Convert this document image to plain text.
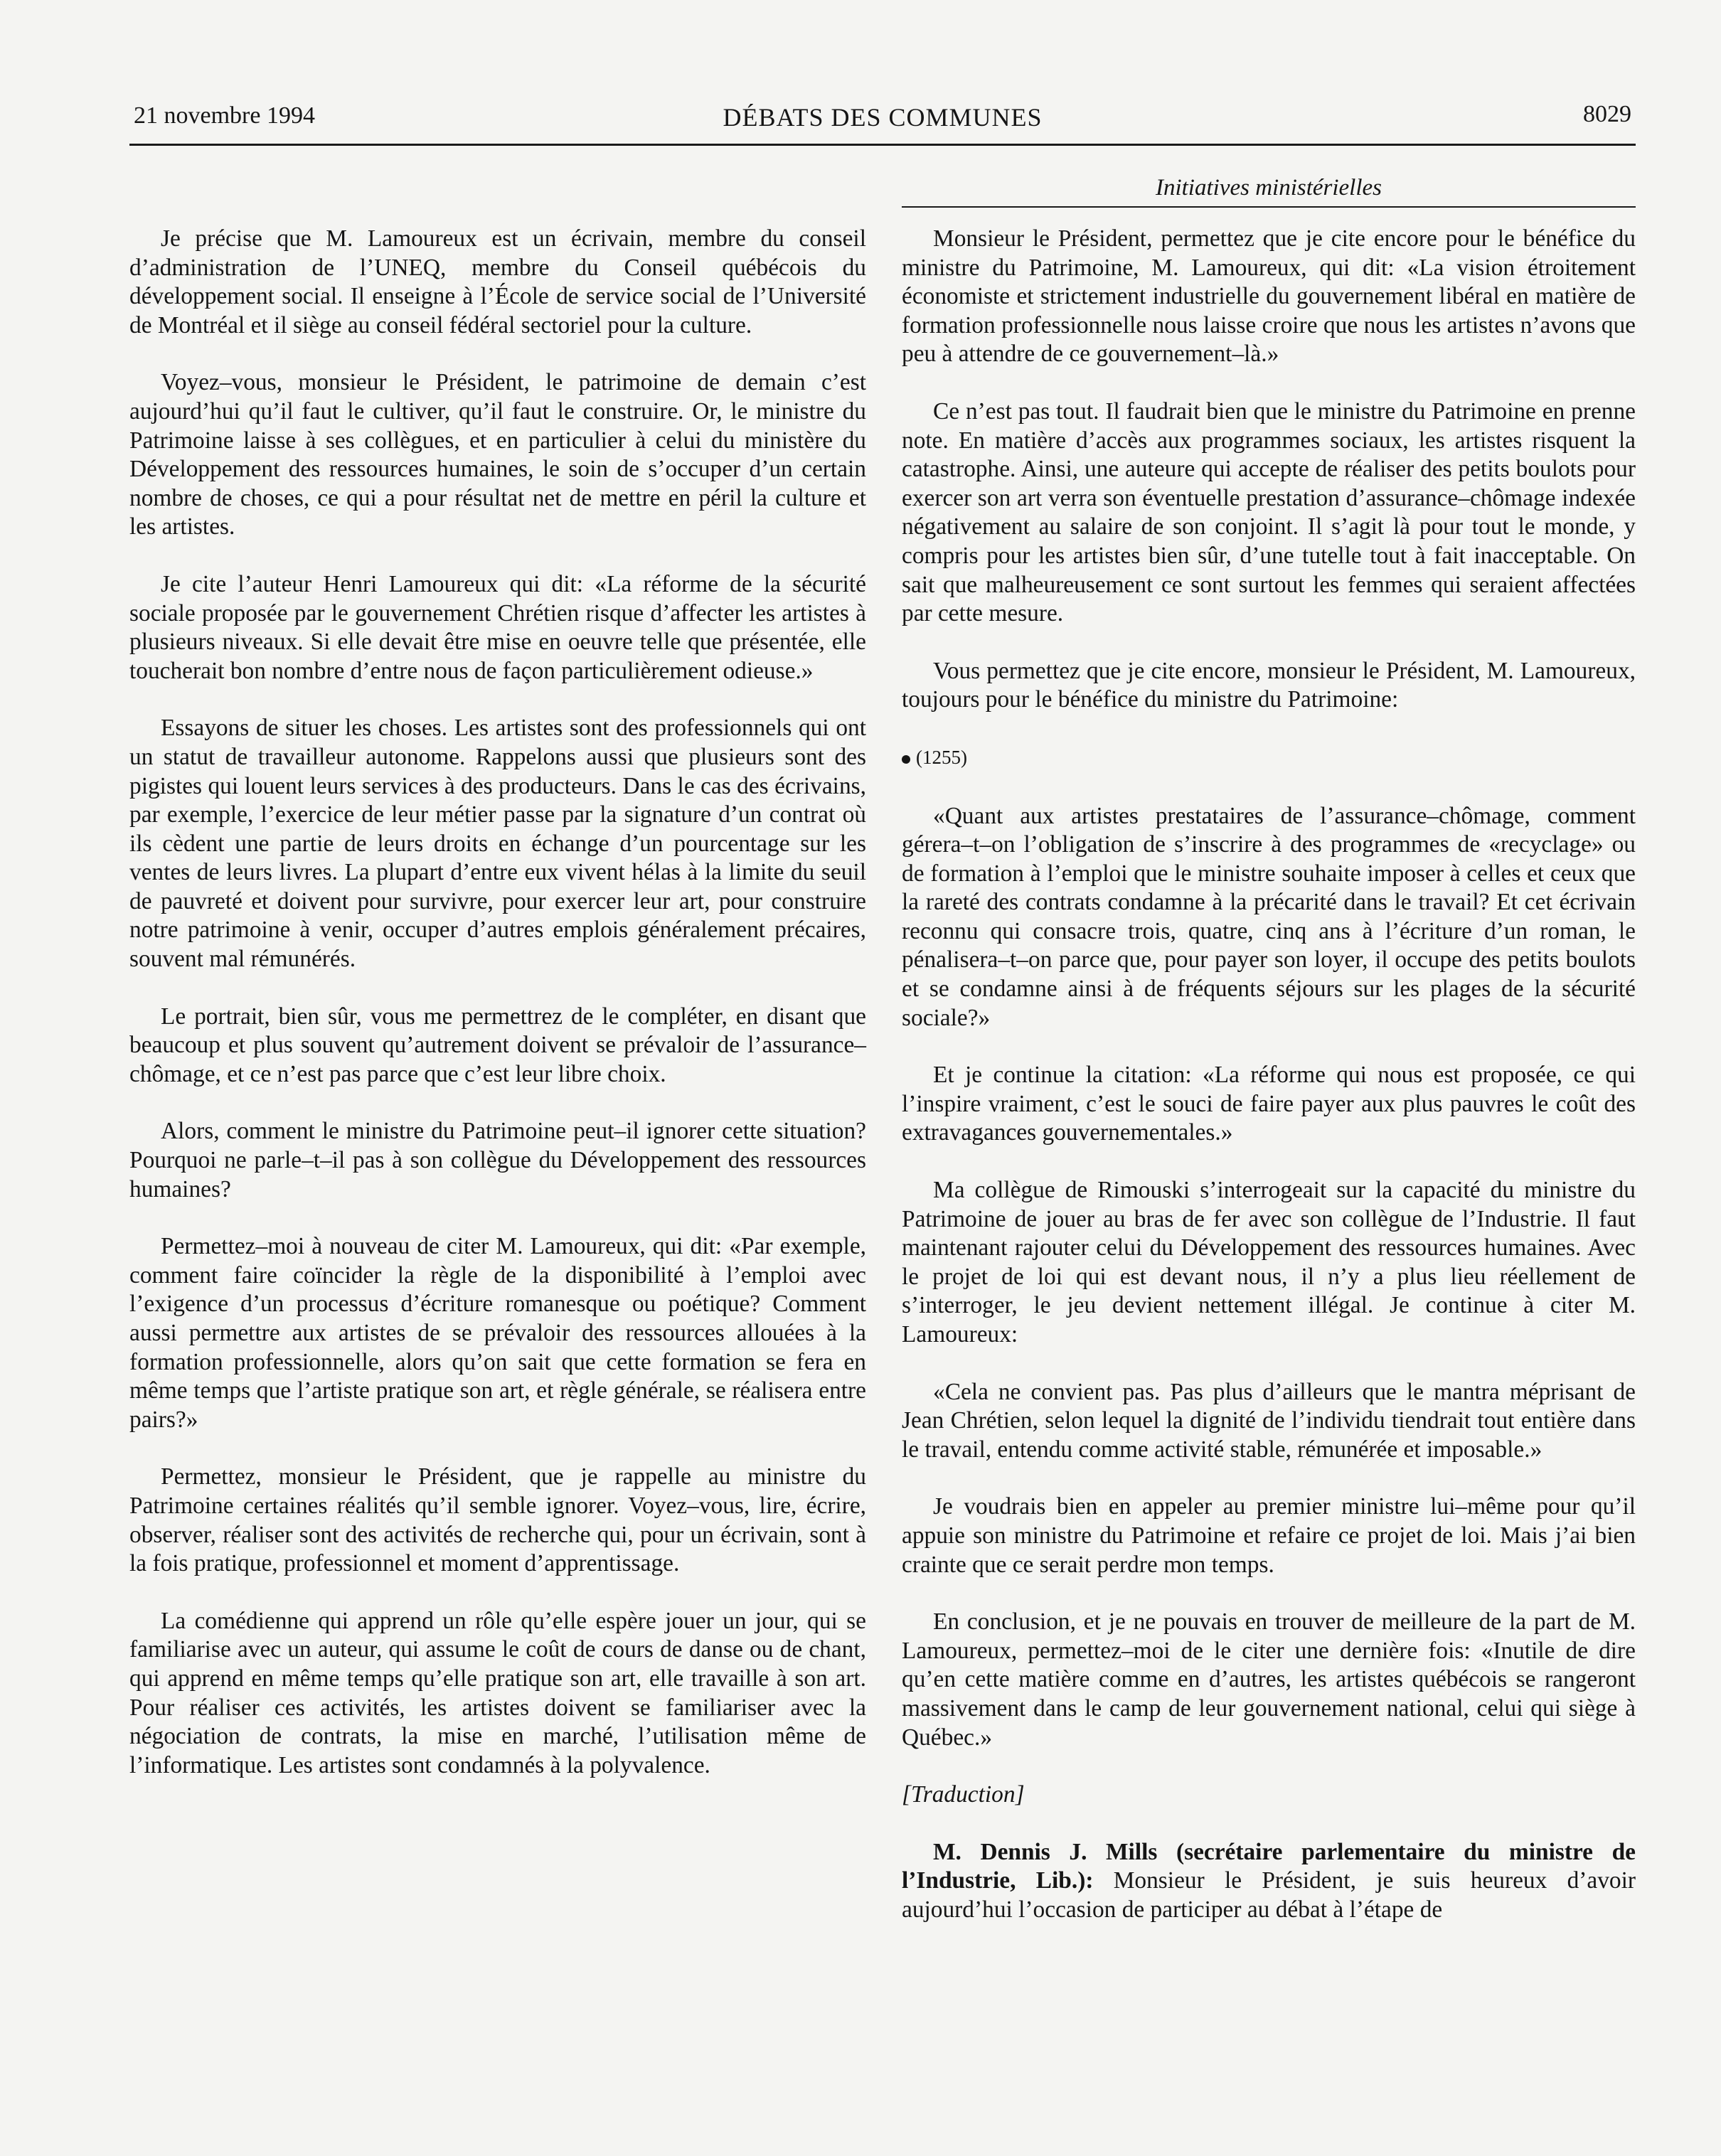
21 novembre 1994	DÉBATS DES COMMUNES	8029
Initiatives ministérielles

Je précise que M. Lamoureux est un écrivain, membre du conseil d’administration de l’UNEQ, membre du Conseil québécois du développement social. Il enseigne à l’École de service social de l’Université de Montréal et il siège au conseil fédéral sectoriel pour la culture.

Voyez–vous, monsieur le Président, le patrimoine de demain c’est aujourd’hui qu’il faut le cultiver, qu’il faut le construire. Or, le ministre du Patrimoine laisse à ses collègues, et en particulier à celui du ministère du Développement des ressources humaines, le soin de s’occuper d’un certain nombre de choses, ce qui a pour résultat net de mettre en péril la culture et les artistes.

Je cite l’auteur Henri Lamoureux qui dit: «La réforme de la sécurité sociale proposée par le gouvernement Chrétien risque d’affecter les artistes à plusieurs niveaux. Si elle devait être mise en oeuvre telle que présentée, elle toucherait bon nombre d’entre nous de façon particulièrement odieuse.»

Essayons de situer les choses. Les artistes sont des professionnels qui ont un statut de travailleur autonome. Rappelons aussi que plusieurs sont des pigistes qui louent leurs services à des producteurs. Dans le cas des écrivains, par exemple, l’exercice de leur métier passe par la signature d’un contrat où ils cèdent une partie de leurs droits en échange d’un pourcentage sur les ventes de leurs livres. La plupart d’entre eux vivent hélas à la limite du seuil de pauvreté et doivent pour survivre, pour exercer leur art, pour construire notre patrimoine à venir, occuper d’autres emplois généralement précaires, souvent mal rémunérés.

Le portrait, bien sûr, vous me permettrez de le compléter, en disant que beaucoup et plus souvent qu’autrement doivent se prévaloir de l’assurance–chômage, et ce n’est pas parce que c’est leur libre choix.

Alors, comment le ministre du Patrimoine peut–il ignorer cette situation? Pourquoi ne parle–t–il pas à son collègue du Développement des ressources humaines?

Permettez–moi à nouveau de citer M. Lamoureux, qui dit: «Par exemple, comment faire coïncider la règle de la disponibilité à l’emploi avec l’exigence d’un processus d’écriture romanesque ou poétique? Comment aussi permettre aux artistes de se prévaloir des ressources allouées à la formation professionnelle, alors qu’on sait que cette formation se fera en même temps que l’artiste pratique son art, et règle générale, se réalisera entre pairs?»

Permettez, monsieur le Président, que je rappelle au ministre du Patrimoine certaines réalités qu’il semble ignorer. Voyez–vous, lire, écrire, observer, réaliser sont des activités de recherche qui, pour un écrivain, sont à la fois pratique, professionnel et moment d’apprentissage.

La comédienne qui apprend un rôle qu’elle espère jouer un jour, qui se familiarise avec un auteur, qui assume le coût de cours de danse ou de chant, qui apprend en même temps qu’elle pratique son art, elle travaille à son art. Pour réaliser ces activités, les artistes doivent se familiariser avec la négociation de contrats, la mise en marché, l’utilisation même de l’informatique. Les artistes sont condamnés à la polyvalence.

Monsieur le Président, permettez que je cite encore pour le bénéfice du ministre du Patrimoine, M. Lamoureux, qui dit: «La vision étroitement économiste et strictement industrielle du gouvernement libéral en matière de formation professionnelle nous laisse croire que nous les artistes n’avons que peu à attendre de ce gouvernement–là.»

Ce n’est pas tout. Il faudrait bien que le ministre du Patrimoine en prenne note. En matière d’accès aux programmes sociaux, les artistes risquent la catastrophe. Ainsi, une auteure qui accepte de réaliser des petits boulots pour exercer son art verra son éventuelle prestation d’assurance–chômage indexée négativement au salaire de son conjoint. Il s’agit là pour tout le monde, y compris pour les artistes bien sûr, d’une tutelle tout à fait inacceptable. On sait que malheureusement ce sont surtout les femmes qui seraient affectées par cette mesure.

Vous permettez que je cite encore, monsieur le Président, M. Lamoureux, toujours pour le bénéfice du ministre du Patrimoine:

(1255)

«Quant aux artistes prestataires de l’assurance–chômage, comment gérera–t–on l’obligation de s’inscrire à des programmes de «recyclage» ou de formation à l’emploi que le ministre souhaite imposer à celles et ceux que la rareté des contrats condamne à la précarité dans le travail? Et cet écrivain reconnu qui consacre trois, quatre, cinq ans à l’écriture d’un roman, le pénalisera–t–on parce que, pour payer son loyer, il occupe des petits boulots et se condamne ainsi à de fréquents séjours sur les plages de la sécurité sociale?»

Et je continue la citation: «La réforme qui nous est proposée, ce qui l’inspire vraiment, c’est le souci de faire payer aux plus pauvres le coût des extravagances gouvernementales.»

Ma collègue de Rimouski s’interrogeait sur la capacité du ministre du Patrimoine de jouer au bras de fer avec son collègue de l’Industrie. Il faut maintenant rajouter celui du Développement des ressources humaines. Avec le projet de loi qui est devant nous, il n’y a plus lieu réellement de s’interroger, le jeu devient nettement illégal. Je continue à citer M. Lamoureux:

«Cela ne convient pas. Pas plus d’ailleurs que le mantra méprisant de Jean Chrétien, selon lequel la dignité de l’individu tiendrait tout entière dans le travail, entendu comme activité stable, rémunérée et imposable.»

Je voudrais bien en appeler au premier ministre lui–même pour qu’il appuie son ministre du Patrimoine et refaire ce projet de loi. Mais j’ai bien crainte que ce serait perdre mon temps.

En conclusion, et je ne pouvais en trouver de meilleure de la part de M. Lamoureux, permettez–moi de le citer une dernière fois: «Inutile de dire qu’en cette matière comme en d’autres, les artistes québécois se rangeront massivement dans le camp de leur gouvernement national, celui qui siège à Québec.»

[Traduction]

M. Dennis J. Mills (secrétaire parlementaire du ministre de l’Industrie, Lib.): Monsieur le Président, je suis heureux d’avoir aujourd’hui l’occasion de participer au débat à l’étape de
